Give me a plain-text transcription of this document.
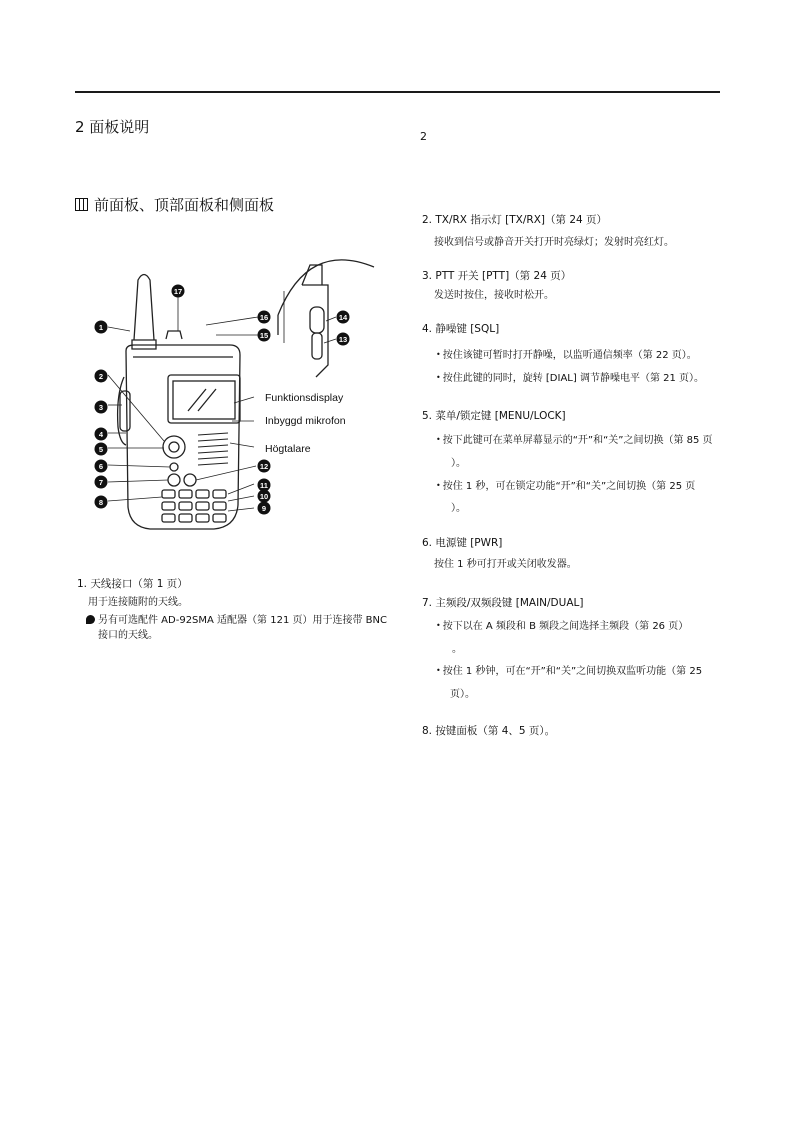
2 面板说明
2
前面板、顶部面板和侧面板
1
2
3
4
5
6
7
8
9
10
11
12
13
14
15
16
17
Funktionsdisplay
Inbyggd mikrofon
Högtalare
1. 天线接口（第 1 页）
用于连接随附的天线。
另有可选配件 AD-92SMA 适配器（第 121 页）用于连接带 BNC
接口的天线。
2. TX/RX 指示灯 [TX/RX]（第 24 页）
接收到信号或静音开关打开时亮绿灯；发射时亮红灯。
3. PTT 开关 [PTT]（第 24 页）
发送时按住，接收时松开。
4. 静噪键 [SQL]
• 按住该键可暂时打开静噪，以监听通信频率（第 22 页）。
• 按住此键的同时，旋转 [DIAL] 调节静噪电平（第 21 页）。
5. 菜单/锁定键 [MENU/LOCK]
• 按下此键可在菜单屏幕显示的“开”和“关”之间切换（第 85 页
）。
• 按住 1 秒，可在锁定功能“开”和“关”之间切换（第 25 页
）。
6. 电源键 [PWR]
按住 1 秒可打开或关闭收发器。
7. 主频段/双频段键 [MAIN/DUAL]
• 按下以在 A 频段和 B 频段之间选择主频段（第 26 页）
。
• 按住 1 秒钟，可在“开”和“关”之间切换双监听功能（第 25
页）。
8. 按键面板（第 4、5 页）。
